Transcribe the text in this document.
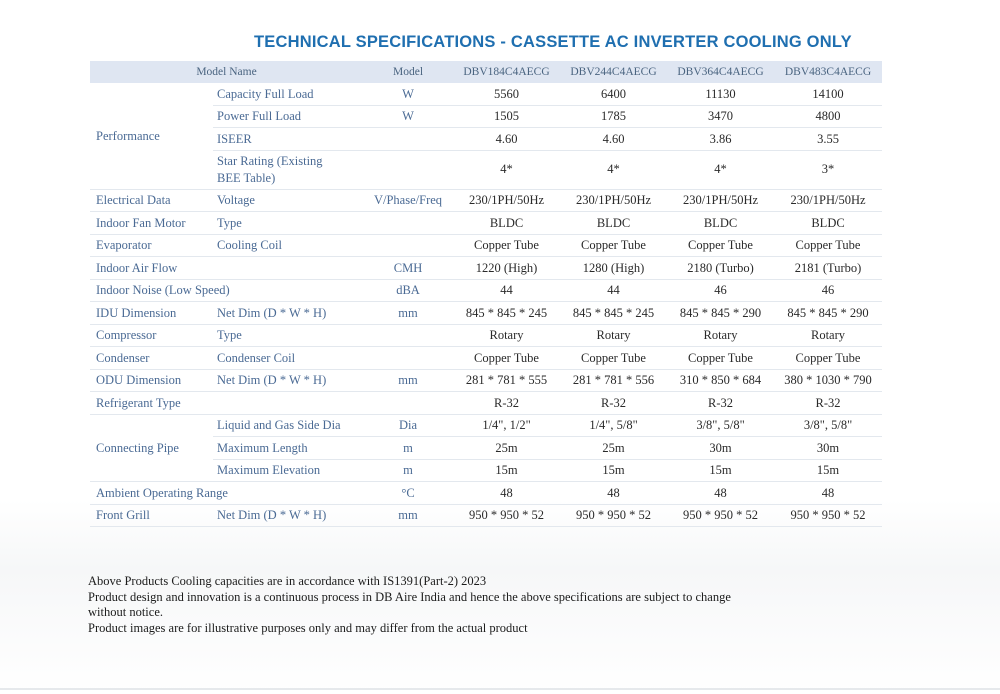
TECHNICAL SPECIFICATIONS - CASSETTE AC INVERTER COOLING ONLY
Model Name		Model	DBV184C4AECG	DBV244C4AECG	DBV364C4AECG	DBV483C4AECG
Performance	Capacity Full Load	W	5560	6400	11130	14100
	Power Full Load	W	1505	1785	3470	4800
	ISEER		4.60	4.60	3.86	3.55
	Star Rating (Existing BEE Table)		4*	4*	4*	3*
Electrical Data	Voltage	V/Phase/Freq	230/1PH/50Hz	230/1PH/50Hz	230/1PH/50Hz	230/1PH/50Hz
Indoor Fan Motor	Type		BLDC	BLDC	BLDC	BLDC
Evaporator	Cooling Coil		Copper Tube	Copper Tube	Copper Tube	Copper Tube
Indoor Air Flow		CMH	1220 (High)	1280 (High)	2180 (Turbo)	2181 (Turbo)
Indoor Noise (Low Speed)		dBA	44	44	46	46
IDU Dimension	Net Dim (D * W * H)	mm	845 * 845 * 245	845 * 845 * 245	845 * 845 * 290	845 * 845 * 290
Compressor	Type		Rotary	Rotary	Rotary	Rotary
Condenser	Condenser Coil		Copper Tube	Copper Tube	Copper Tube	Copper Tube
ODU Dimension	Net Dim (D * W * H)	mm	281 * 781 * 555	281 * 781 * 556	310 * 850 * 684	380 * 1030 * 790
Refrigerant Type			R-32	R-32	R-32	R-32
Connecting Pipe	Liquid and Gas Side Dia	Dia	1/4", 1/2"	1/4", 5/8"	3/8", 5/8"	3/8", 5/8"
	Maximum Length	m	25m	25m	30m	30m
	Maximum Elevation	m	15m	15m	15m	15m
Ambient Operating Range		°C	48	48	48	48
Front Grill	Net Dim (D * W * H)	mm	950 * 950 * 52	950 * 950 * 52	950 * 950 * 52	950 * 950 * 52
Above Products Cooling capacities are in accordance with IS1391(Part-2) 2023
Product design and innovation is a continuous process in DB Aire India and hence the above specifications are subject to change without notice.
Product images are for illustrative purposes only and may differ from the actual product
